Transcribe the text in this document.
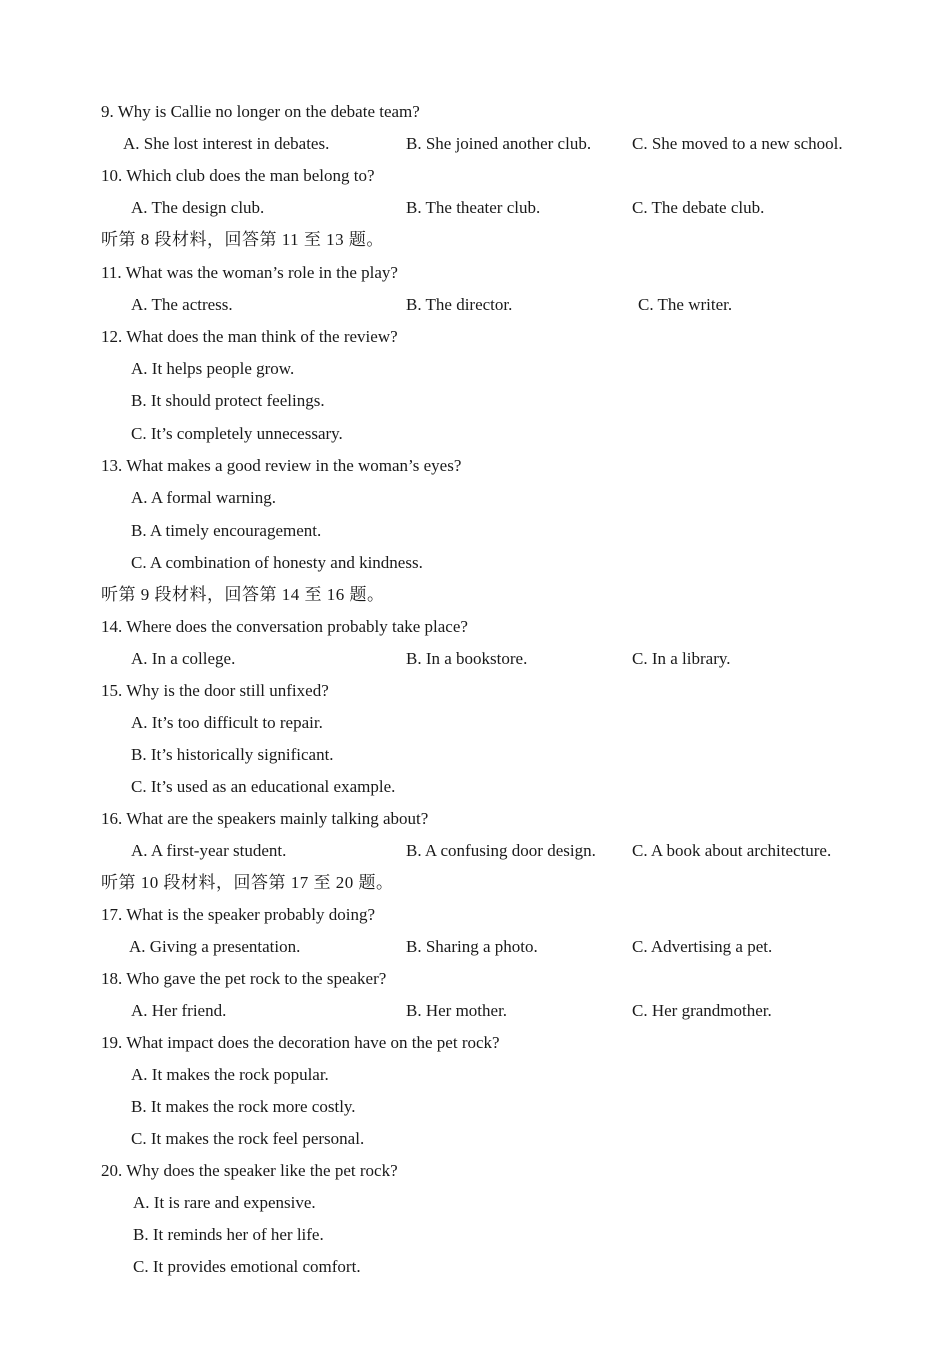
9. Why is Callie no longer on the debate team?
A. She lost interest in debates.	B. She joined another club. C. She moved to a new school.
10. Which club does the man belong to?
A. The design club.	B. The theater club.	C. The debate club.
听第 8 段材料，回答第 11 至 13 题。
11. What was the woman’s role in the play?
A. The actress.	B. The director.	C. The writer.
12. What does the man think of the review?
A. It helps people grow.
B. It should protect feelings.
C. It’s completely unnecessary.
13. What makes a good review in the woman’s eyes?
A. A formal warning.
B. A timely encouragement.
C. A combination of honesty and kindness.
听第 9 段材料，回答第 14 至 16 题。
14. Where does the conversation probably take place?
A. In a college.	B. In a bookstore.	C. In a library.
15. Why is the door still unfixed?
A. It’s too difficult to repair.
B. It’s historically significant.
C. It’s used as an educational example.
16. What are the speakers mainly talking about?
A. A first-year student.	B. A confusing door design. C. A book about architecture.
听第 10 段材料，回答第 17 至 20 题。
17. What is the speaker probably doing?
A. Giving a presentation.	B. Sharing a photo.	C. Advertising a pet.
18. Who gave the pet rock to the speaker?
A. Her friend.	B. Her mother.	C. Her grandmother.
19. What impact does the decoration have on the pet rock?
A. It makes the rock popular.
B. It makes the rock more costly.
C. It makes the rock feel personal.
20. Why does the speaker like the pet rock?
A. It is rare and expensive.
B. It reminds her of her life.
C. It provides emotional comfort.
